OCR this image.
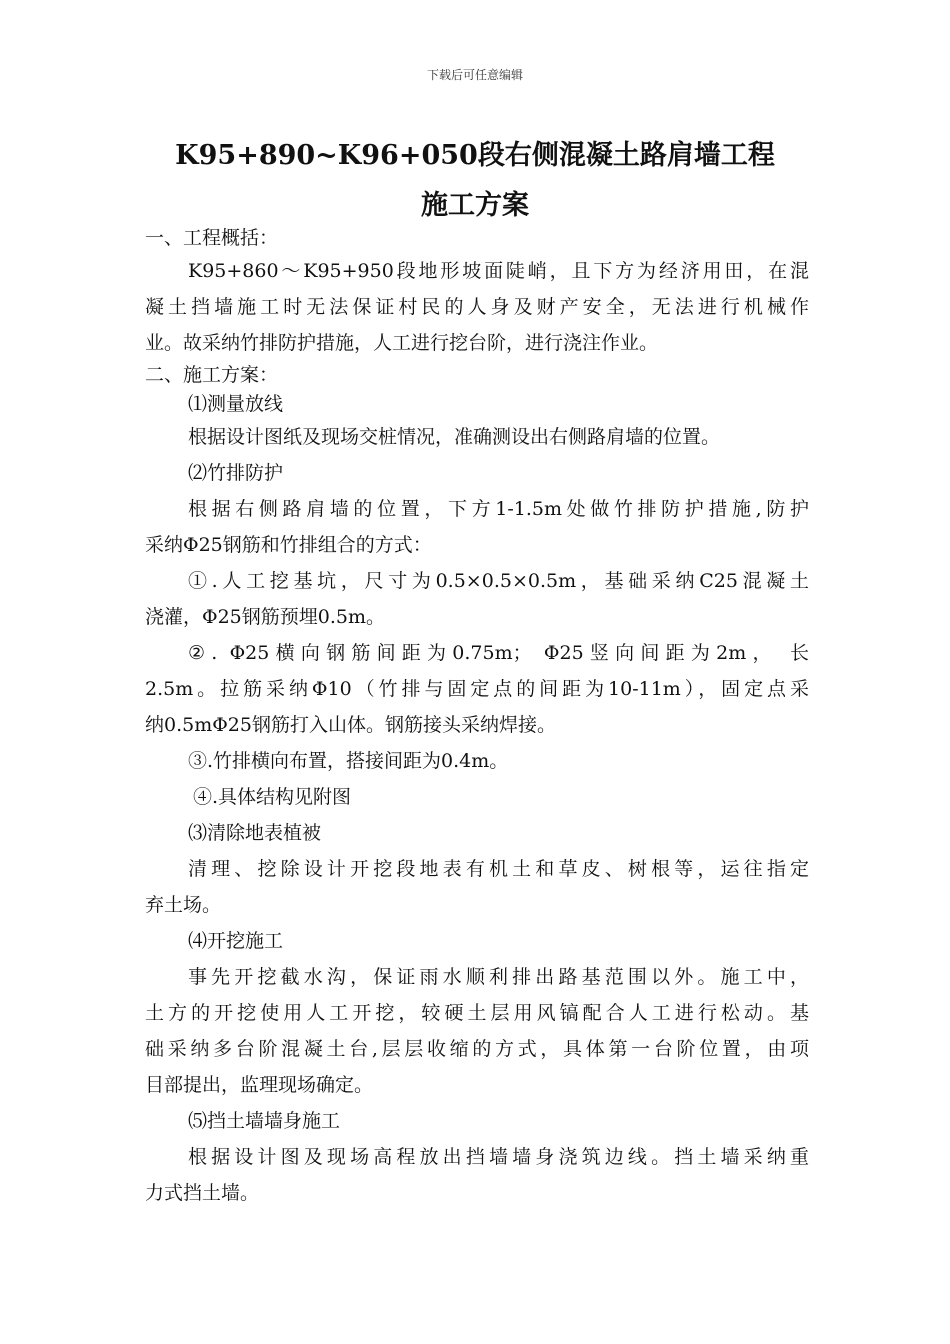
下载后可任意编辑
K95+890~K96+050段右侧混凝土路肩墙工程
施工方案
一、工程概括：
K95+860～K95+950段地形坡面陡峭，且下方为经济用田，在混
凝土挡墙施工时无法保证村民的人身及财产安全，无法进行机械作
业。故采纳竹排防护措施，人工进行挖台阶，进行浇注作业。
二、施工方案：
⑴测量放线
根据设计图纸及现场交桩情况，准确测设出右侧路肩墙的位置。
⑵竹排防护
根据右侧路肩墙的位置，下方1-1.5m处做竹排防护措施,防护
采纳Φ25钢筋和竹排组合的方式：
①.人工挖基坑，尺寸为0.5×0.5×0.5m，基础采纳C25混凝土
浇灌，Φ25钢筋预埋0.5m。
②. Φ25横向钢筋间距为0.75m； Φ25竖向间距为2m， 长
2.5m。拉筋采纳Φ10（竹排与固定点的间距为10-11m），固定点采
纳0.5mΦ25钢筋打入山体。钢筋接头采纳焊接。
③.竹排横向布置，搭接间距为0.4m。
④.具体结构见附图
⑶清除地表植被
清理、挖除设计开挖段地表有机土和草皮、树根等，运往指定
弃土场。
⑷开挖施工
事先开挖截水沟，保证雨水顺利排出路基范围以外。施工中，
土方的开挖使用人工开挖，较硬土层用风镐配合人工进行松动。基
础采纳多台阶混凝土台,层层收缩的方式，具体第一台阶位置，由项
目部提出，监理现场确定。
⑸挡土墙墙身施工
根据设计图及现场高程放出挡墙墙身浇筑边线。挡土墙采纳重
力式挡土墙。
